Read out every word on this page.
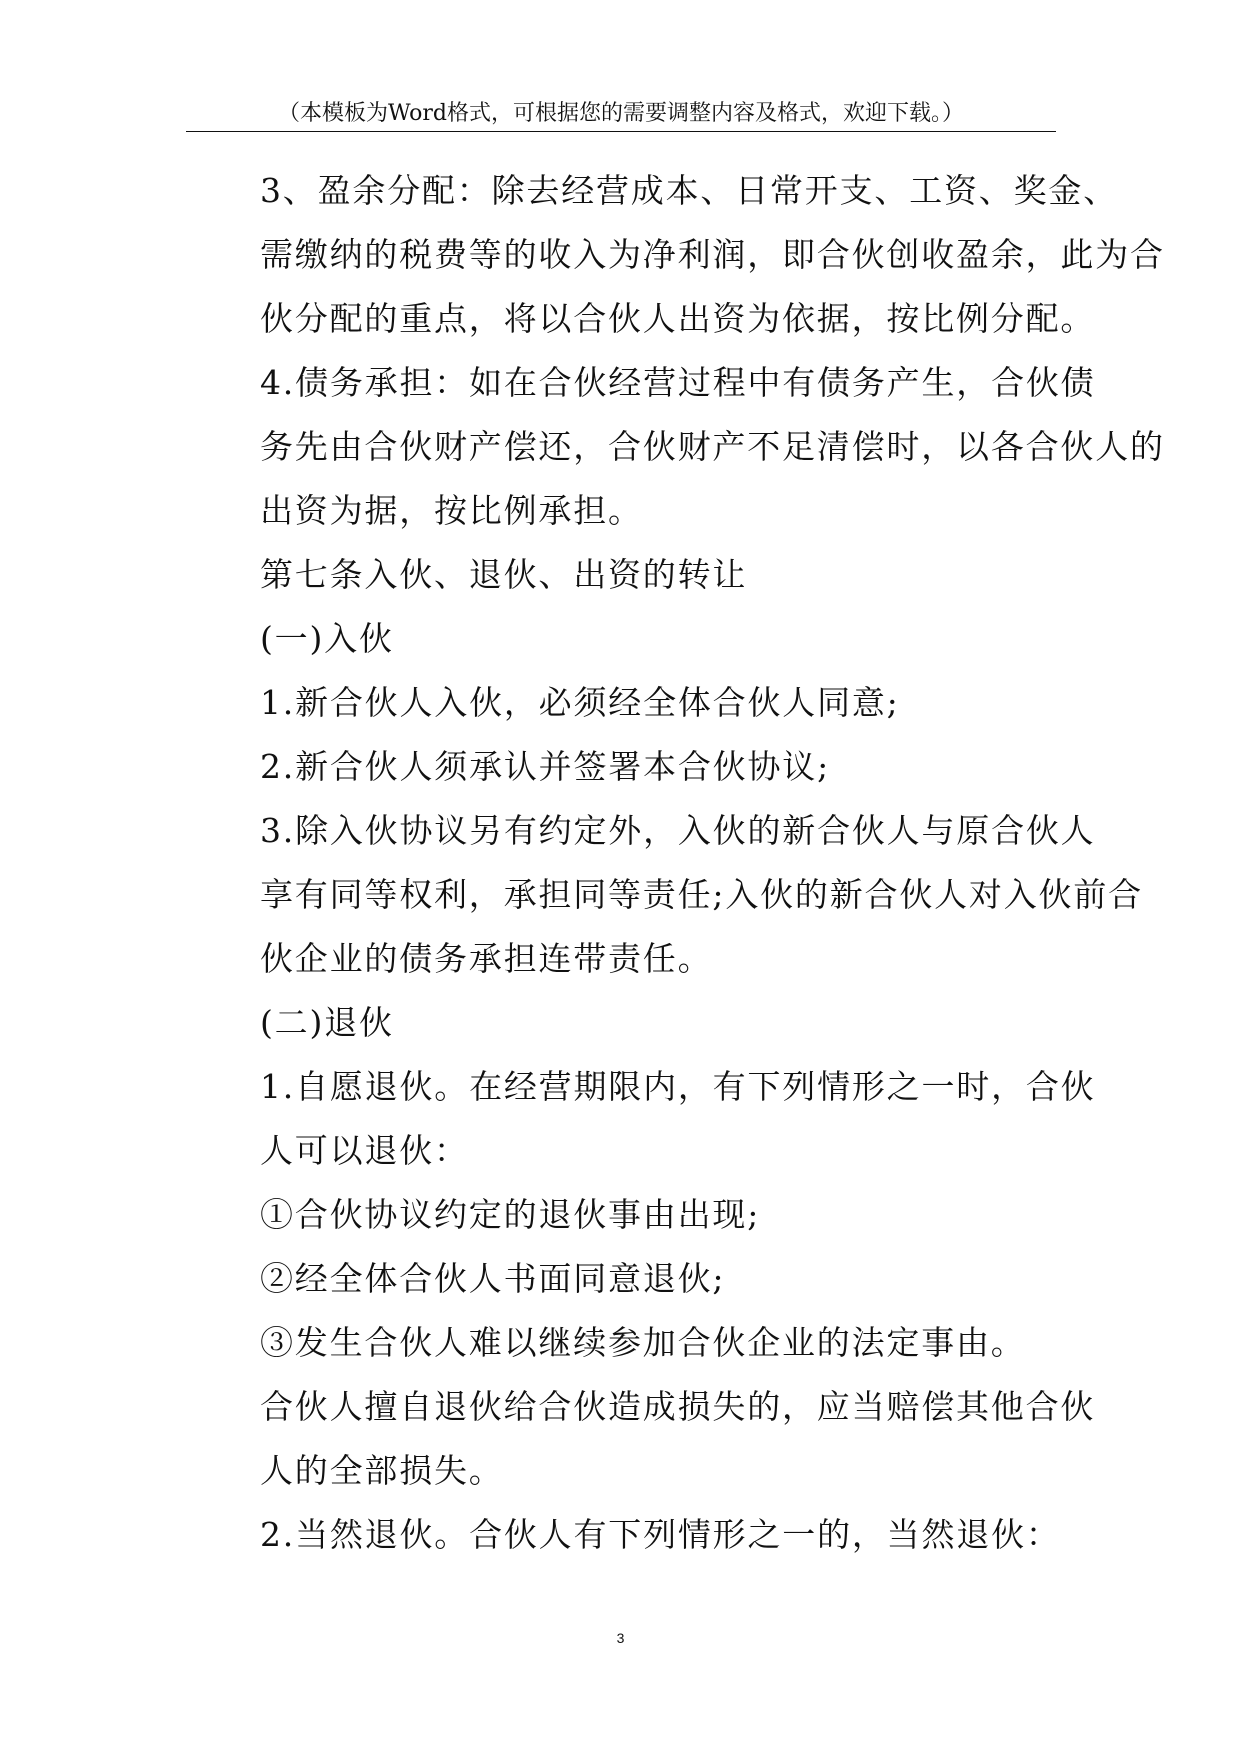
（本模板为Word格式，可根据您的需要调整内容及格式，欢迎下载。）

3、盈余分配：除去经营成本、日常开支、工资、奖金、
需缴纳的税费等的收入为净利润，即合伙创收盈余，此为合
伙分配的重点，将以合伙人出资为依据，按比例分配。

4.债务承担：如在合伙经营过程中有债务产生，合伙债
务先由合伙财产偿还，合伙财产不足清偿时，以各合伙人的
出资为据，按比例承担。

第七条入伙、退伙、出资的转让

(一)入伙

1.新合伙人入伙，必须经全体合伙人同意;

2.新合伙人须承认并签署本合伙协议;

3.除入伙协议另有约定外，入伙的新合伙人与原合伙人
享有同等权利，承担同等责任;入伙的新合伙人对入伙前合
伙企业的债务承担连带责任。

(二)退伙

1.自愿退伙。在经营期限内，有下列情形之一时，合伙
人可以退伙：

①合伙协议约定的退伙事由出现;

②经全体合伙人书面同意退伙;

③发生合伙人难以继续参加合伙企业的法定事由。

合伙人擅自退伙给合伙造成损失的，应当赔偿其他合伙
人的全部损失。

2.当然退伙。合伙人有下列情形之一的，当然退伙：

3
